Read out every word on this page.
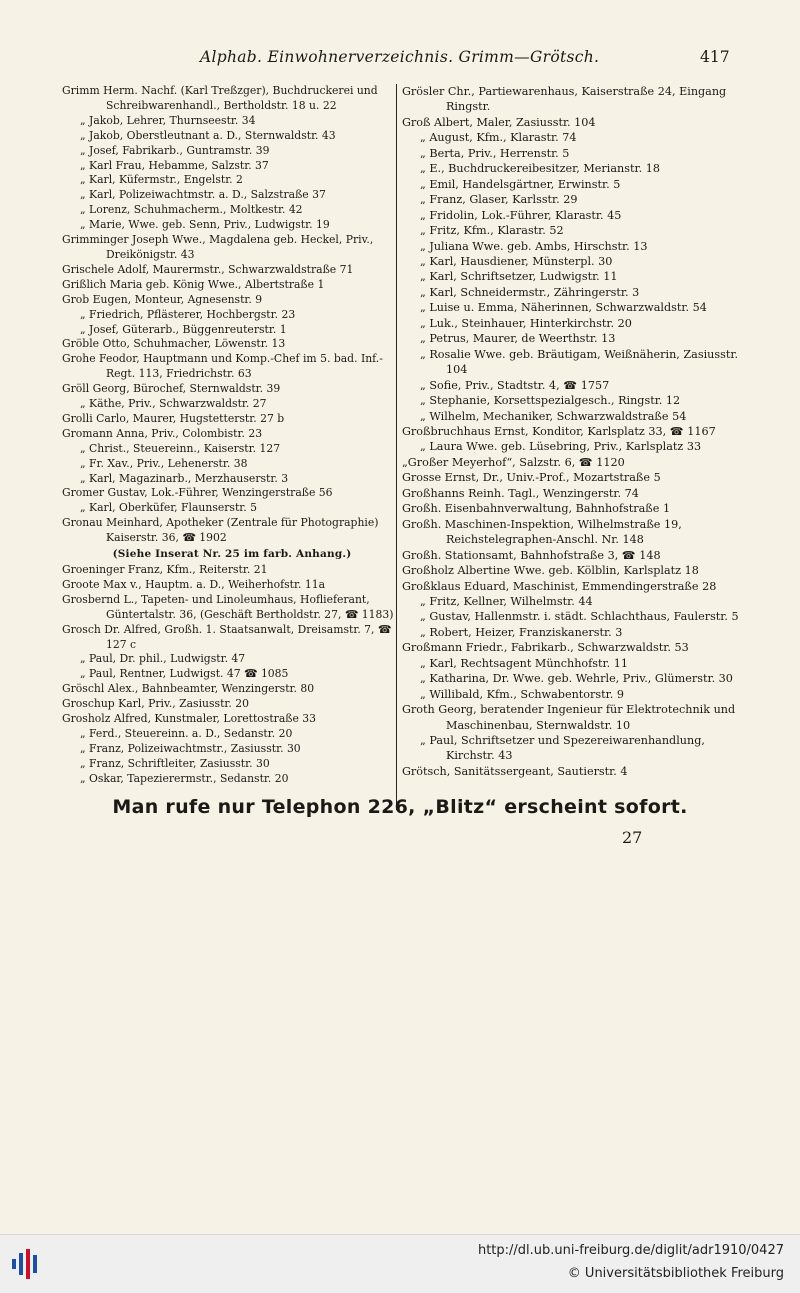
Alphab. Einwohnerverzeichnis. Grimm—Grötsch.	417
Grimm Herm. Nachf. (Karl Treßzger), Buchdruckerei und Schreibwarenhandl., Bertholdstr. 18 u. 22
„ Jakob, Lehrer, Thurnseestr. 34
„ Jakob, Oberstleutnant a. D., Sternwaldstr. 43
„ Josef, Fabrikarb., Guntramstr. 39
„ Karl Frau, Hebamme, Salzstr. 37
„ Karl, Küfermstr., Engelstr. 2
„ Karl, Polizeiwachtmstr. a. D., Salzstraße 37
„ Lorenz, Schuhmacherm., Moltkestr. 42
„ Marie, Wwe. geb. Senn, Priv., Ludwigstr. 19
Grimminger Joseph Wwe., Magdalena geb. Heckel, Priv., Dreikönigstr. 43
Grischele Adolf, Maurermstr., Schwarzwaldstraße 71
Grißlich Maria geb. König Wwe., Albertstraße 1
Grob Eugen, Monteur, Agnesenstr. 9
„ Friedrich, Pflästerer, Hochbergstr. 23
„ Josef, Güterarb., Büggenreuterstr. 1
Gröble Otto, Schuhmacher, Löwenstr. 13
Grohe Feodor, Hauptmann und Komp.-Chef im 5. bad. Inf.-Regt. 113, Friedrichstr. 63
Gröll Georg, Bürochef, Sternwaldstr. 39
„ Käthe, Priv., Schwarzwaldstr. 27
Grolli Carlo, Maurer, Hugstetterstr. 27 b
Gromann Anna, Priv., Colombistr. 23
„ Christ., Steuereinn., Kaiserstr. 127
„ Fr. Xav., Priv., Lehenerstr. 38
„ Karl, Magazinarb., Merzhauserstr. 3
Gromer Gustav, Lok.-Führer, Wenzingerstraße 56
„ Karl, Oberküfer, Flaunserstr. 5
Gronau Meinhard, Apotheker (Zentrale für Photographie) Kaiserstr. 36, ☎ 1902
(Siehe Inserat Nr. 25 im farb. Anhang.)
Groeninger Franz, Kfm., Reiterstr. 21
Groote Max v., Hauptm. a. D., Weiherhofstr. 11a
Grosbernd L., Tapeten- und Linoleumhaus, Hoflieferant, Güntertalstr. 36, (Geschäft Bertholdstr. 27, ☎ 1183)
Grosch Dr. Alfred, Großh. 1. Staatsanwalt, Dreisamstr. 7, ☎ 127 c
„ Paul, Dr. phil., Ludwigstr. 47
„ Paul, Rentner, Ludwigst. 47 ☎ 1085
Gröschl Alex., Bahnbeamter, Wenzingerstr. 80
Groschup Karl, Priv., Zasiusstr. 20
Grosholz Alfred, Kunstmaler, Lorettostraße 33
„ Ferd., Steuereinn. a. D., Sedanstr. 20
„ Franz, Polizeiwachtmstr., Zasiusstr. 30
„ Franz, Schriftleiter, Zasiusstr. 30
„ Oskar, Tapezierermstr., Sedanstr. 20
Grösler Chr., Partiewarenhaus, Kaiserstraße 24, Eingang Ringstr.
Groß Albert, Maler, Zasiusstr. 104
„ August, Kfm., Klarastr. 74
„ Berta, Priv., Herrenstr. 5
„ E., Buchdruckereibesitzer, Merianstr. 18
„ Emil, Handelsgärtner, Erwinstr. 5
„ Franz, Glaser, Karlsstr. 29
„ Fridolin, Lok.-Führer, Klarastr. 45
„ Fritz, Kfm., Klarastr. 52
„ Juliana Wwe. geb. Ambs, Hirschstr. 13
„ Karl, Hausdiener, Münsterpl. 30
„ Karl, Schriftsetzer, Ludwigstr. 11
„ Karl, Schneidermstr., Zähringerstr. 3
„ Luise u. Emma, Näherinnen, Schwarzwaldstr. 54
„ Luk., Steinhauer, Hinterkirchstr. 20
„ Petrus, Maurer, de Weerthstr. 13
„ Rosalie Wwe. geb. Bräutigam, Weißnäherin, Zasiusstr. 104
„ Sofie, Priv., Stadtstr. 4, ☎ 1757
„ Stephanie, Korsettspezialgesch., Ringstr. 12
„ Wilhelm, Mechaniker, Schwarzwaldstraße 54
Großbruchhaus Ernst, Konditor, Karlsplatz 33, ☎ 1167
„ Laura Wwe. geb. Lüsebring, Priv., Karlsplatz 33
„Großer Meyerhof“, Salzstr. 6, ☎ 1120
Grosse Ernst, Dr., Univ.-Prof., Mozartstraße 5
Großhanns Reinh. Tagl., Wenzingerstr. 74
Großh. Eisenbahnverwaltung, Bahnhofstraße 1
Großh. Maschinen-Inspektion, Wilhelmstraße 19, Reichstelegraphen-Anschl. Nr. 148
Großh. Stationsamt, Bahnhofstraße 3, ☎ 148
Großholz Albertine Wwe. geb. Kölblin, Karlsplatz 18
Großklaus Eduard, Maschinist, Emmendingerstraße 28
„ Fritz, Kellner, Wilhelmstr. 44
„ Gustav, Hallenmstr. i. städt. Schlachthaus, Faulerstr. 5
„ Robert, Heizer, Franziskanerstr. 3
Großmann Friedr., Fabrikarb., Schwarzwaldstr. 53
„ Karl, Rechtsagent Münchhofstr. 11
„ Katharina, Dr. Wwe. geb. Wehrle, Priv., Glümerstr. 30
„ Willibald, Kfm., Schwabentorstr. 9
Groth Georg, beratender Ingenieur für Elektrotechnik und Maschinenbau, Sternwaldstr. 10
„ Paul, Schriftsetzer und Spezereiwarenhandlung, Kirchstr. 43
Grötsch, Sanitätssergeant, Sautierstr. 4
Man rufe nur Telephon 226, „Blitz“ erscheint sofort.
27
http://dl.ub.uni-freiburg.de/diglit/adr1910/0427
© Universitätsbibliothek Freiburg
